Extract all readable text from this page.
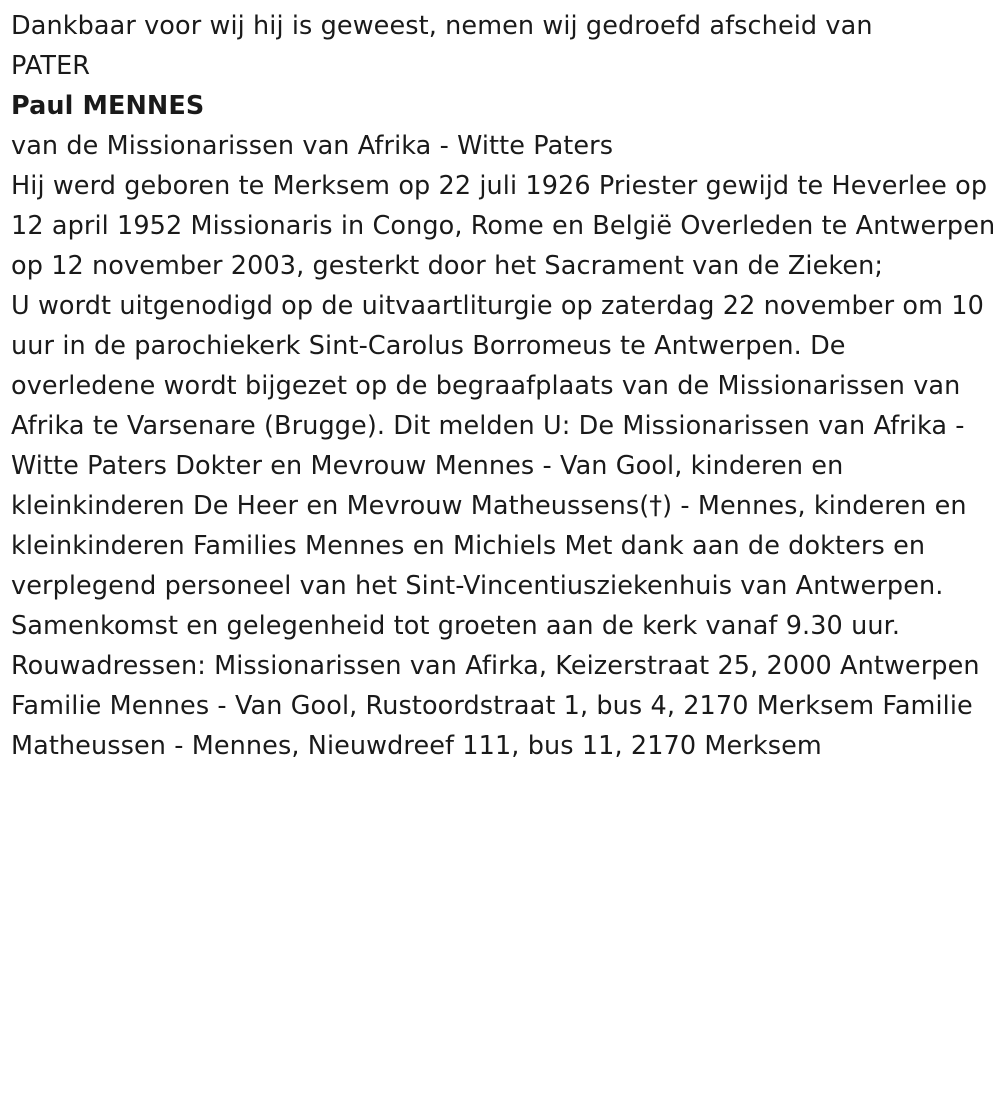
Dankbaar voor wij hij is geweest, nemen wij gedroefd afscheid van

PATER

Paul MENNES

van de Missionarissen van Afrika - Witte Paters

Hij werd geboren te Merksem op 22 juli 1926 Priester gewijd te Heverlee op 12 april 1952 Missionaris in Congo, Rome en België Overleden te Antwerpen op 12 november 2003, gesterkt door het Sacrament van de Zieken;

U wordt uitgenodigd op de uitvaartliturgie op zaterdag 22 november om 10 uur in de parochiekerk Sint-Carolus Borromeus te Antwerpen. De overledene wordt bijgezet op de begraafplaats van de Missionarissen van Afrika te Varsenare (Brugge). Dit melden U: De Missionarissen van Afrika - Witte Paters Dokter en Mevrouw Mennes - Van Gool, kinderen en kleinkinderen De Heer en Mevrouw Matheussens(†) - Mennes, kinderen en kleinkinderen Families Mennes en Michiels Met dank aan de dokters en verplegend personeel van het Sint-Vincentiusziekenhuis van Antwerpen. Samenkomst en gelegenheid tot groeten aan de kerk vanaf 9.30 uur.

Rouwadressen: Missionarissen van Afirka, Keizerstraat 25, 2000 Antwerpen Familie Mennes - Van Gool, Rustoordstraat 1, bus 4, 2170 Merksem Familie Matheussen - Mennes, Nieuwdreef 111, bus 11, 2170 Merksem
